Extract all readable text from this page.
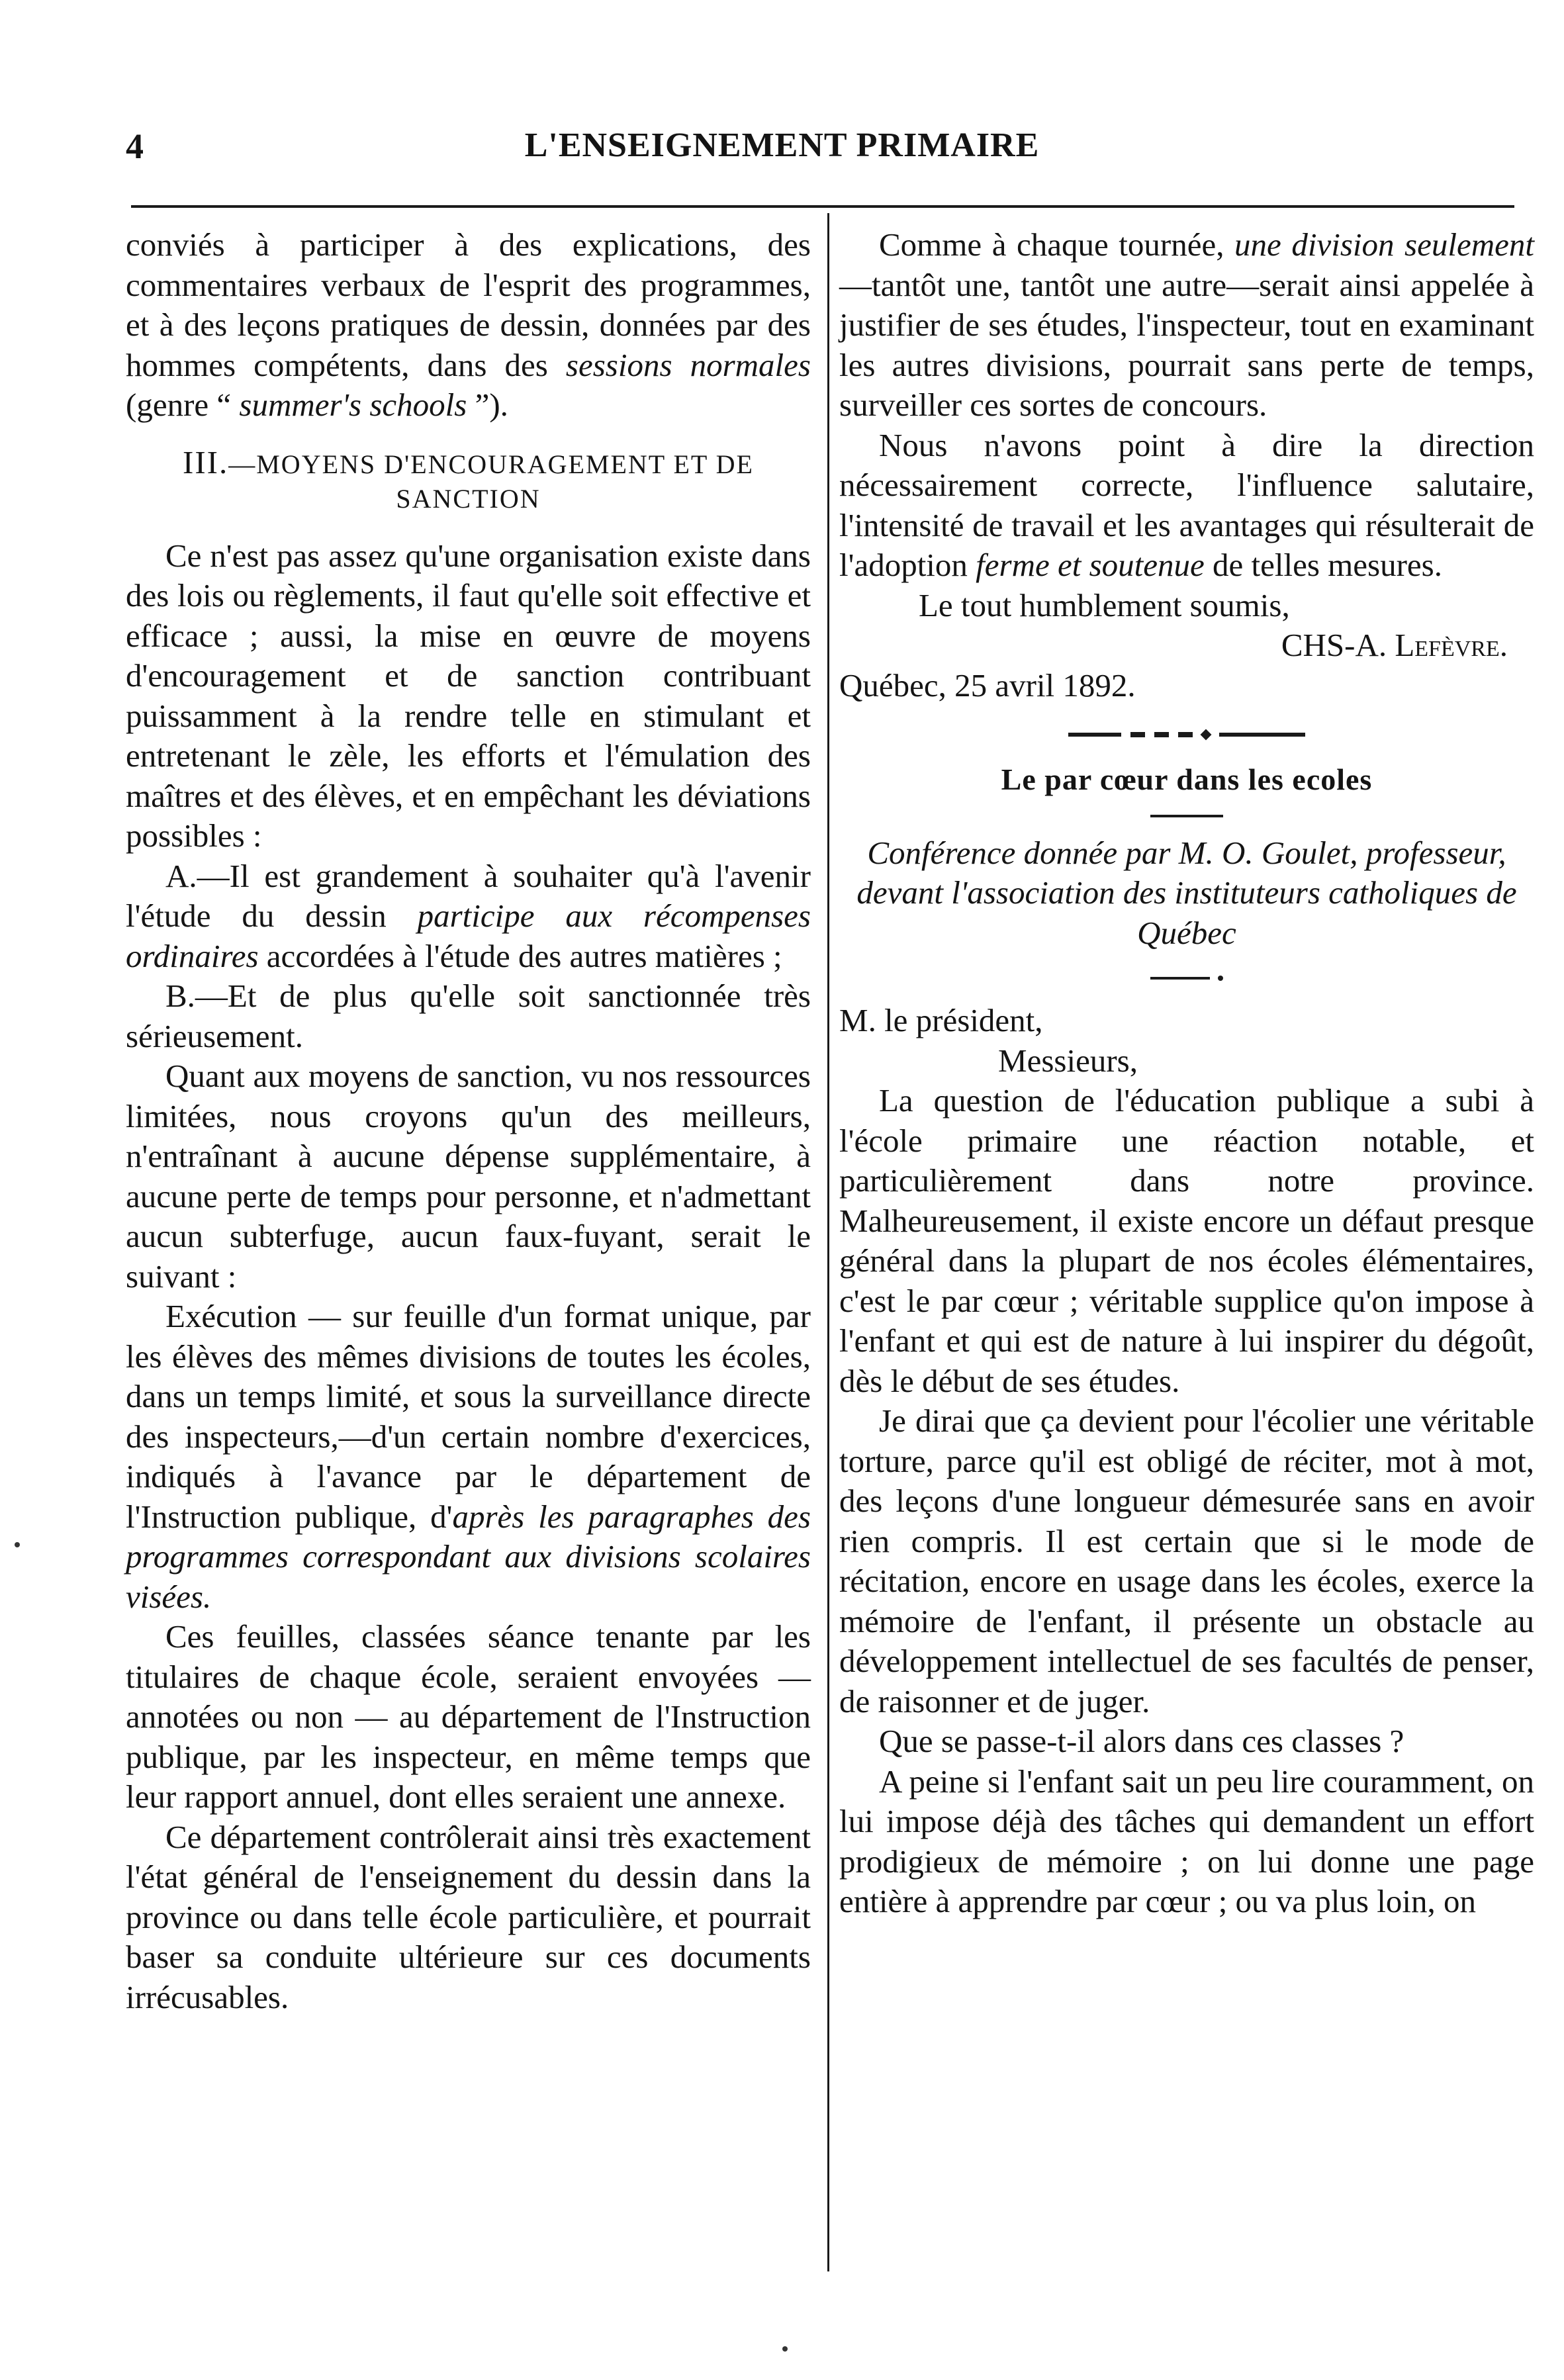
4	L'ENSEIGNEMENT PRIMAIRE

conviés à participer à des explications, des commentaires verbaux de l'esprit des programmes, et à des leçons pratiques de dessin, données par des hommes compétents, dans des sessions normales (genre “ summer's schools ”).

III.—MOYENS D'ENCOURAGEMENT ET DE SANCTION

Ce n'est pas assez qu'une organisation existe dans des lois ou règlements, il faut qu'elle soit effective et efficace ; aussi, la mise en œuvre de moyens d'encouragement et de sanction contribuant puissamment à la rendre telle en stimulant et entretenant le zèle, les efforts et l'émulation des maîtres et des élèves, et en empêchant les déviations possibles :

A.—Il est grandement à souhaiter qu'à l'avenir l'étude du dessin participe aux récompenses ordinaires accordées à l'étude des autres matières ;

B.—Et de plus qu'elle soit sanctionnée très sérieusement.

Quant aux moyens de sanction, vu nos ressources limitées, nous croyons qu'un des meilleurs, n'entraînant à aucune dépense supplémentaire, à aucune perte de temps pour personne, et n'admettant aucun subterfuge, aucun faux-fuyant, serait le suivant :

Exécution — sur feuille d'un format unique, par les élèves des mêmes divisions de toutes les écoles, dans un temps limité, et sous la surveillance directe des inspecteurs,—d'un certain nombre d'exercices, indiqués à l'avance par le département de l'Instruction publique, d'après les paragraphes des programmes correspondant aux divisions scolaires visées.

Ces feuilles, classées séance tenante par les titulaires de chaque école, seraient envoyées — annotées ou non — au département de l'Instruction publique, par les inspecteur, en même temps que leur rapport annuel, dont elles seraient une annexe.

Ce département contrôlerait ainsi très exactement l'état général de l'enseignement du dessin dans la province ou dans telle école particulière, et pourrait baser sa conduite ultérieure sur ces documents irrécusables.

Comme à chaque tournée, une division seulement—tantôt une, tantôt une autre—serait ainsi appelée à justifier de ses études, l'inspecteur, tout en examinant les autres divisions, pourrait sans perte de temps, surveiller ces sortes de concours.

Nous n'avons point à dire la direction nécessairement correcte, l'influence salutaire, l'intensité de travail et les avantages qui résulterait de l'adoption ferme et soutenue de telles mesures.

Le tout humblement soumis,

CHS-A. Lefèvre.

Québec, 25 avril 1892.

Le par cœur dans les ecoles

Conférence donnée par M. O. Goulet, professeur, devant l'association des instituteurs catholiques de Québec

M. le président,

Messieurs,

La question de l'éducation publique a subi à l'école primaire une réaction notable, et particulièrement dans notre province. Malheureusement, il existe encore un défaut presque général dans la plupart de nos écoles élémentaires, c'est le par cœur ; véritable supplice qu'on impose à l'enfant et qui est de nature à lui inspirer du dégoût, dès le début de ses études.

Je dirai que ça devient pour l'écolier une véritable torture, parce qu'il est obligé de réciter, mot à mot, des leçons d'une longueur démesurée sans en avoir rien compris. Il est certain que si le mode de récitation, encore en usage dans les écoles, exerce la mémoire de l'enfant, il présente un obstacle au développement intellectuel de ses facultés de penser, de raisonner et de juger.

Que se passe-t-il alors dans ces classes ?

A peine si l'enfant sait un peu lire couramment, on lui impose déjà des tâches qui demandent un effort prodigieux de mémoire ; on lui donne une page entière à apprendre par cœur ; ou va plus loin, on
